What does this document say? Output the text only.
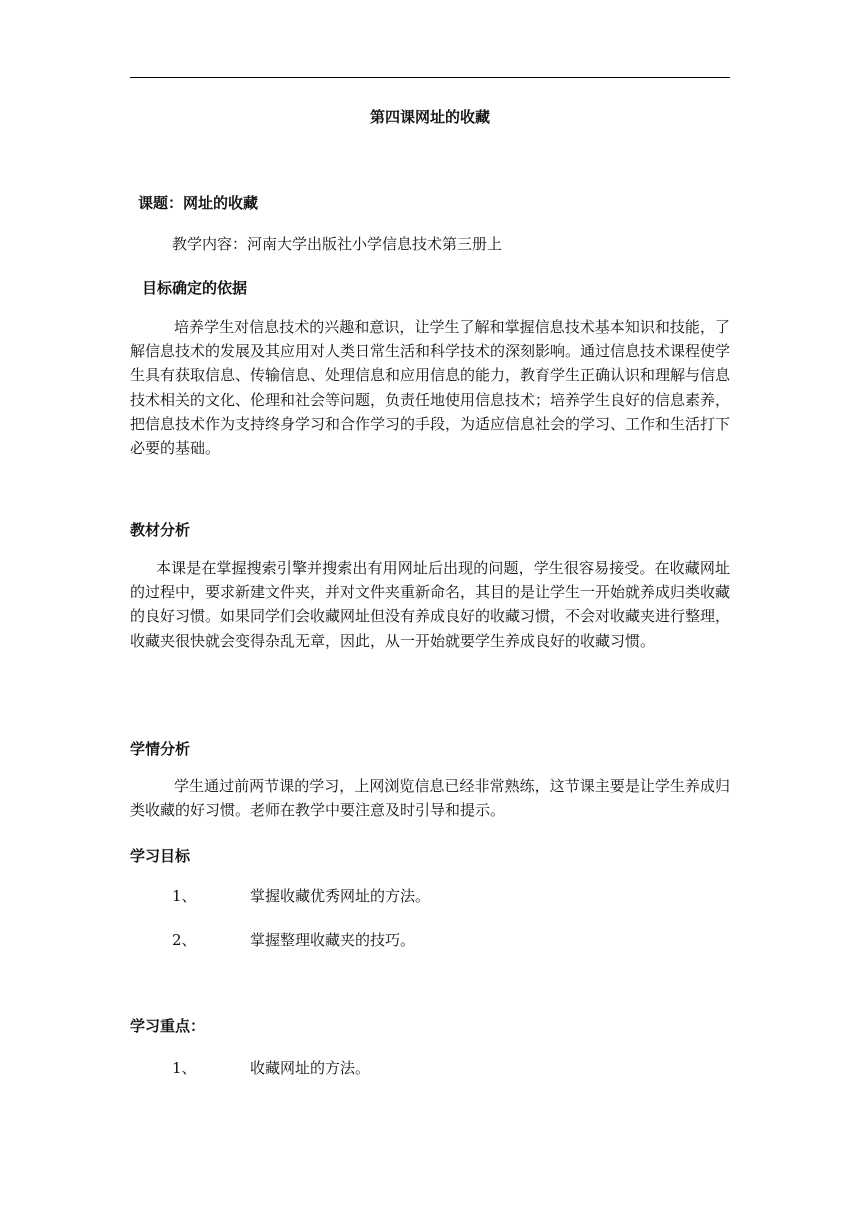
第四课网址的收藏
课题：网址的收藏
教学内容：河南大学出版社小学信息技术第三册上
目标确定的依据

培养学生对信息技术的兴趣和意识，让学生了解和掌握信息技术基本知识和技能，了解信息技术的发展及其应用对人类日常生活和科学技术的深刻影响。通过信息技术课程使学生具有获取信息、传输信息、处理信息和应用信息的能力，教育学生正确认识和理解与信息技术相关的文化、伦理和社会等问题，负责任地使用信息技术；培养学生良好的信息素养，把信息技术作为支持终身学习和合作学习的手段，为适应信息社会的学习、工作和生活打下必要的基础。

教材分析

本课是在掌握搜索引擎并搜索出有用网址后出现的问题，学生很容易接受。在收藏网址的过程中，要求新建文件夹，并对文件夹重新命名，其目的是让学生一开始就养成归类收藏的良好习惯。如果同学们会收藏网址但没有养成良好的收藏习惯，不会对收藏夹进行整理，收藏夹很快就会变得杂乱无章，因此，从一开始就要学生养成良好的收藏习惯。

学情分析

学生通过前两节课的学习，上网浏览信息已经非常熟练，这节课主要是让学生养成归类收藏的好习惯。老师在教学中要注意及时引导和提示。

学习目标
1、	掌握收藏优秀网址的方法。
2、	掌握整理收藏夹的技巧。
学习重点：
1、	收藏网址的方法。
